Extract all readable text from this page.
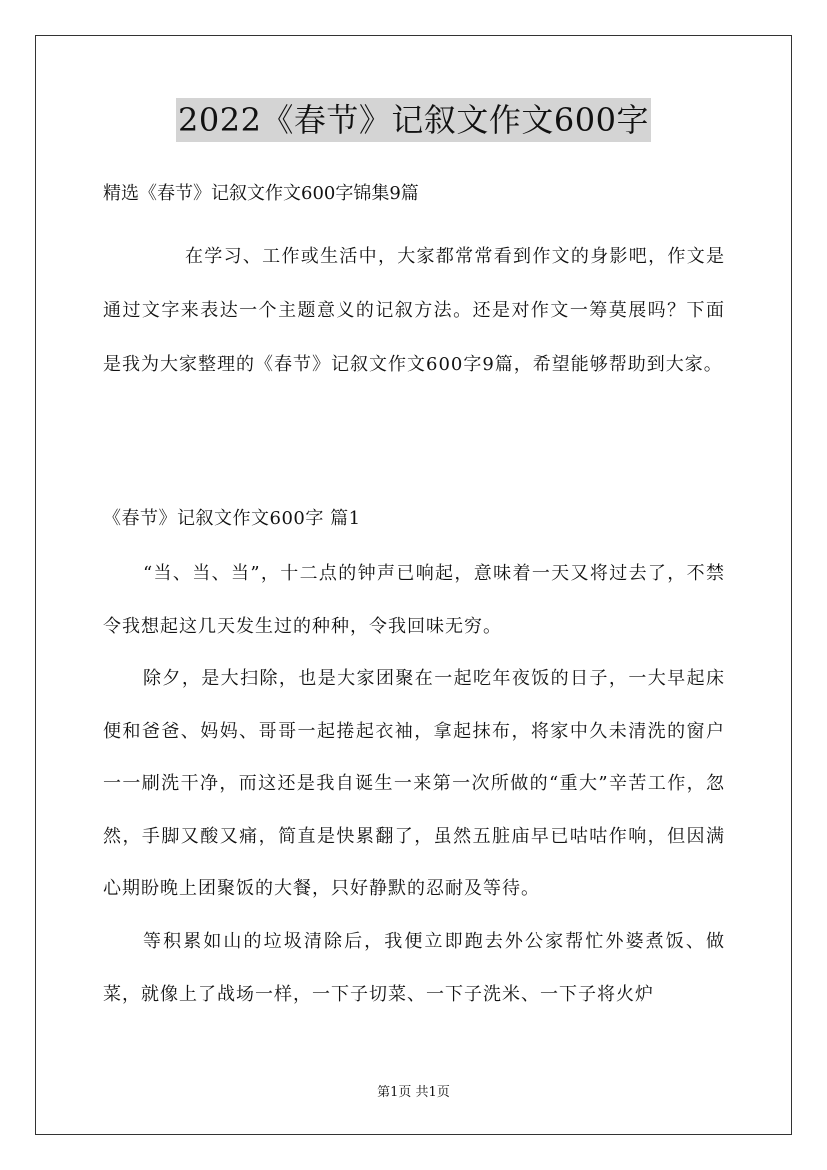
2022《春节》记叙文作文600字
精选《春节》记叙文作文600字锦集9篇
在学习、工作或生活中，大家都常常看到作文的身影吧，作文是通过文字来表达一个主题意义的记叙方法。还是对作文一筹莫展吗？下面是我为大家整理的《春节》记叙文作文600字9篇，希望能够帮助到大家。
《春节》记叙文作文600字 篇1
“当、当、当”，十二点的钟声已响起，意味着一天又将过去了，不禁令我想起这几天发生过的种种，令我回味无穷。
除夕，是大扫除，也是大家团聚在一起吃年夜饭的日子，一大早起床便和爸爸、妈妈、哥哥一起捲起衣袖，拿起抹布，将家中久未清洗的窗户一一刷洗干净，而这还是我自诞生一来第一次所做的“重大”辛苦工作，忽然，手脚又酸又痛，简直是快累翻了，虽然五脏庙早已咕咕作响，但因满心期盼晚上团聚饭的大餐，只好静默的忍耐及等待。
等积累如山的垃圾清除后，我便立即跑去外公家帮忙外婆煮饭、做菜，就像上了战场一样，一下子切菜、一下子洗米、一下子将火炉
第1页 共1页
